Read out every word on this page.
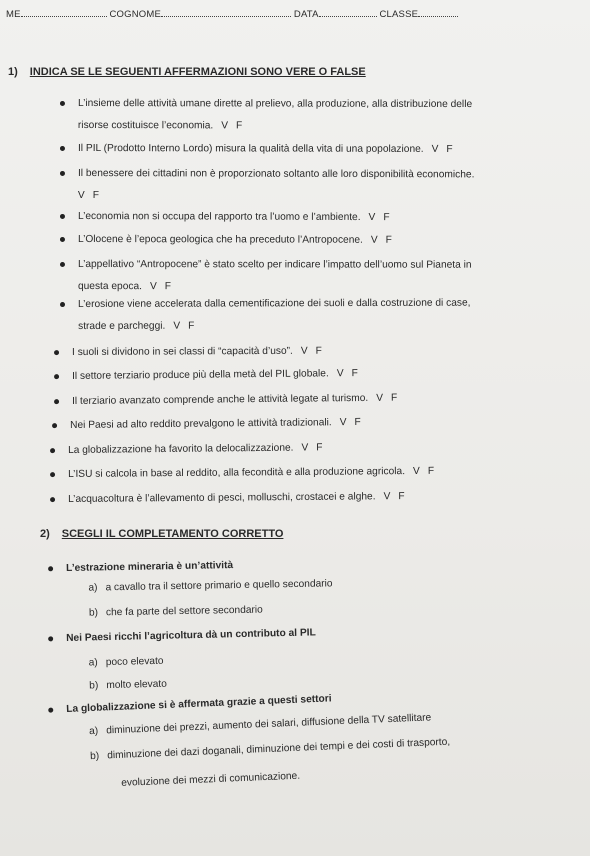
ME	COGNOME	DATA	CLASSE
1) INDICA SE LE SEGUENTI AFFERMAZIONI SONO VERE O FALSE
L’insieme delle attività umane dirette al prelievo, alla produzione, alla distribuzione delle
risorse costituisce l’economia. V F
Il PIL (Prodotto Interno Lordo) misura la qualità della vita di una popolazione. V F
Il benessere dei cittadini non è proporzionato soltanto alle loro disponibilità economiche.
V F
L’economia non si occupa del rapporto tra l’uomo e l’ambiente. V F
L’Olocene è l’epoca geologica che ha preceduto l’Antropocene. V F
L’appellativo “Antropocene” è stato scelto per indicare l’impatto dell’uomo sul Pianeta in
questa epoca. V F
L’erosione viene accelerata dalla cementificazione dei suoli e dalla costruzione di case,
strade e parcheggi. V F
I suoli si dividono in sei classi di “capacità d’uso”. V F
Il settore terziario produce più della metà del PIL globale. V F
Il terziario avanzato comprende anche le attività legate al turismo. V F
Nei Paesi ad alto reddito prevalgono le attività tradizionali. V F
La globalizzazione ha favorito la delocalizzazione. V F
L’ISU si calcola in base al reddito, alla fecondità e alla produzione agricola. V F
L’acquacoltura è l’allevamento di pesci, molluschi, crostacei e alghe. V F
2) SCEGLI IL COMPLETAMENTO CORRETTO
L’estrazione mineraria è un’attività
a) a cavallo tra il settore primario e quello secondario
b) che fa parte del settore secondario
Nei Paesi ricchi l’agricoltura dà un contributo al PIL
a) poco elevato
b) molto elevato
La globalizzazione si è affermata grazie a questi settori
a) diminuzione dei prezzi, aumento dei salari, diffusione della TV satellitare
b) diminuzione dei dazi doganali, diminuzione dei tempi e dei costi di trasporto,
evoluzione dei mezzi di comunicazione.
